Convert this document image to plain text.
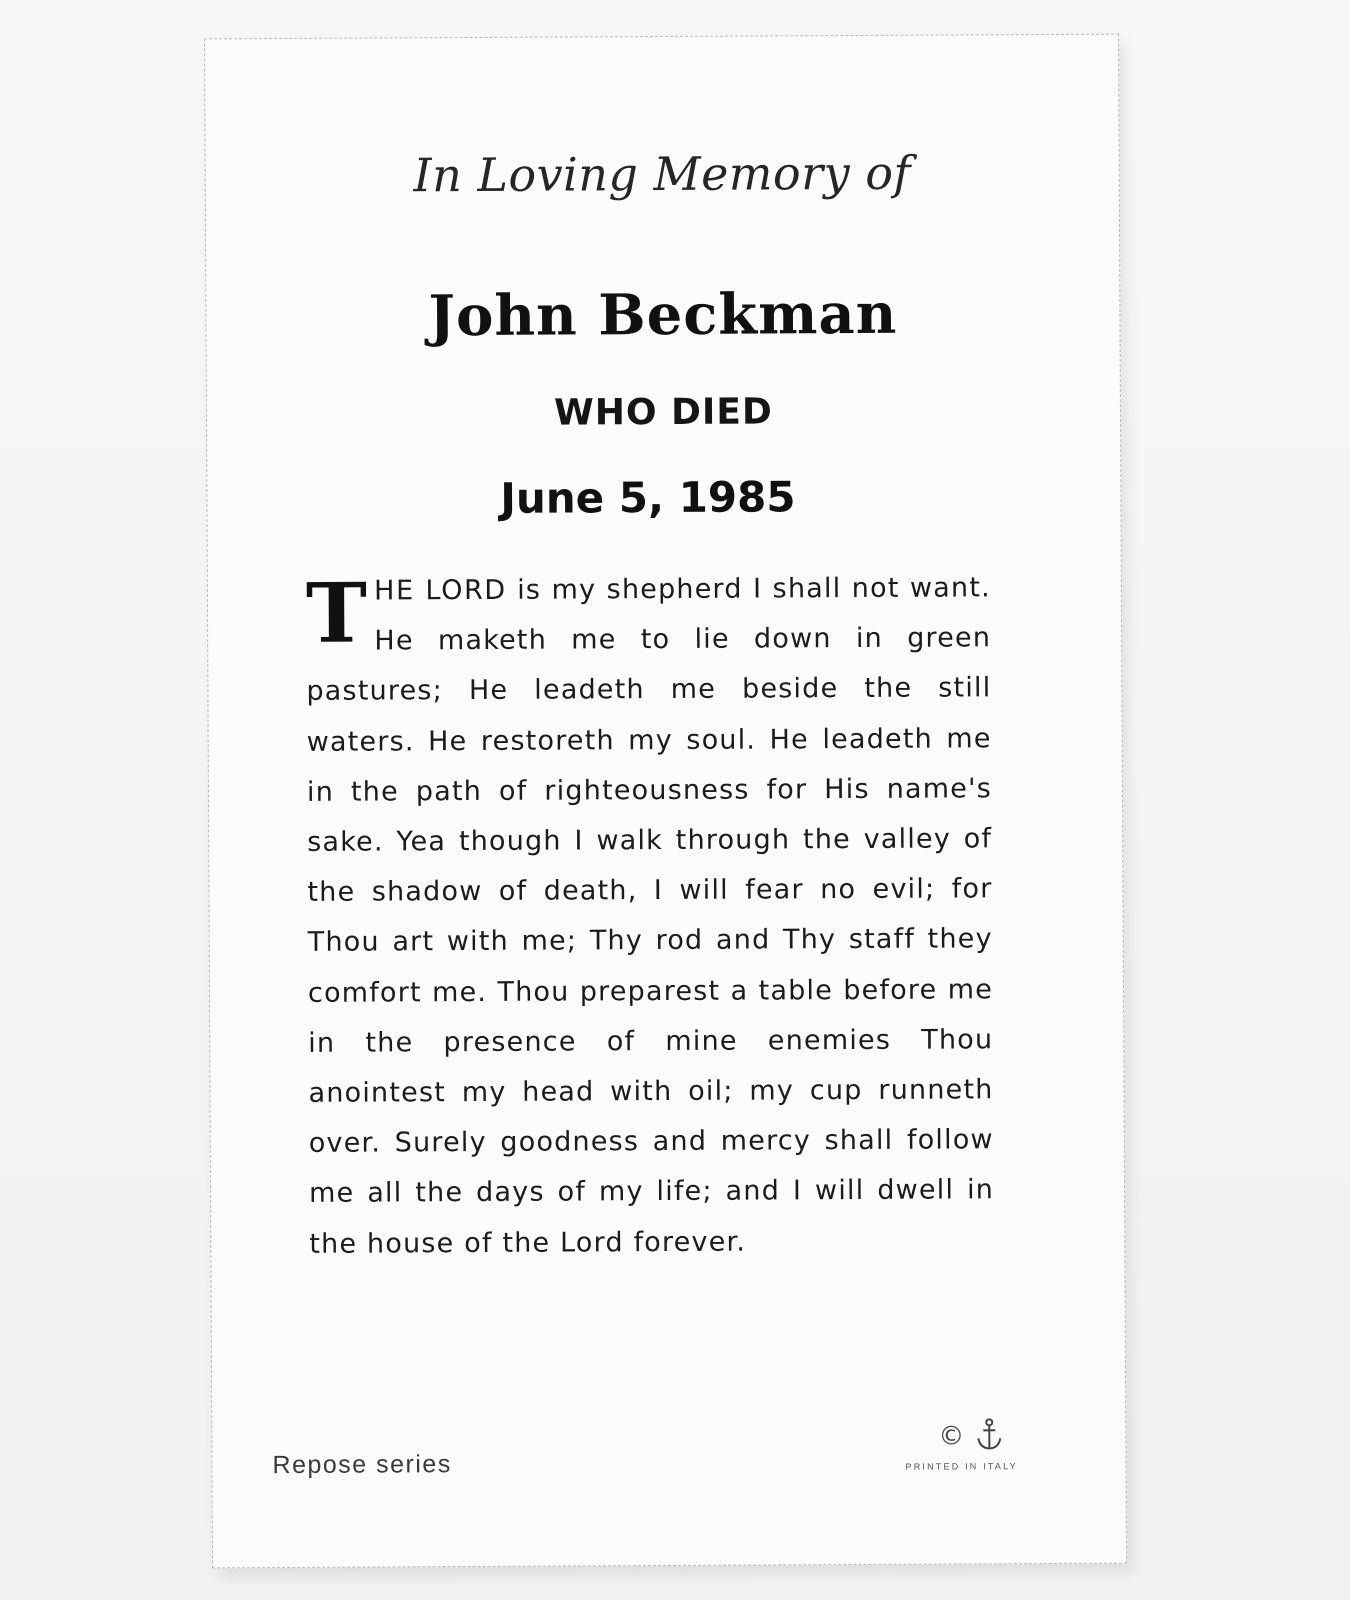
In Loving Memory of

John Beckman

WHO DIED

June 5, 1985

THE LORD is my shepherd I shall not want. He maketh me to lie down in green pastures; He leadeth me beside the still waters. He restoreth my soul. He leadeth me in the path of righteousness for His name's sake. Yea though I walk through the valley of the shadow of death, I will fear no evil; for Thou art with me; Thy rod and Thy staff they comfort me. Thou preparest a table before me in the presence of mine enemies Thou anointest my head with oil; my cup runneth over. Surely goodness and mercy shall follow me all the days of my life; and I will dwell in the house of the Lord forever.

Repose series

©

PRINTED IN ITALY
